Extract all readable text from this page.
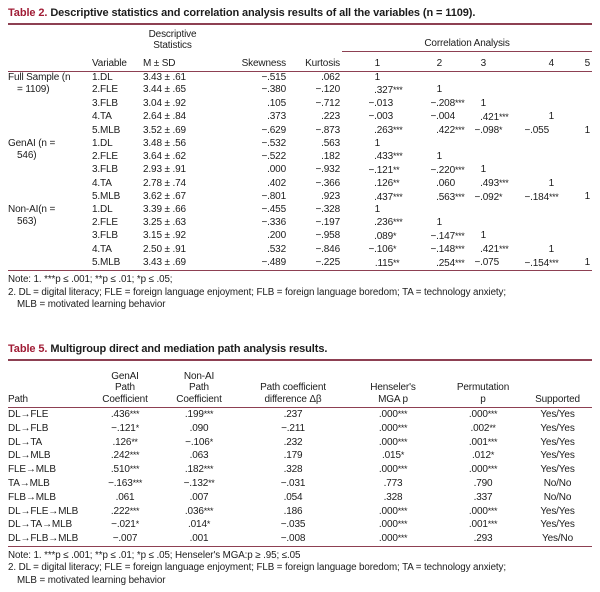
Table 2. Descriptive statistics and correlation analysis results of all the variables (n = 1109).

		Descriptive
Statistics			Correlation Analysis				
	Variable	M ± SD	Skewness	Kurtosis	1	2	3	4	5

Full Sample (n
= 1109)	1.DL	3.43 ± .61	−.515	.062	1				
	2.FLE	3.44 ± .65	−.380	−.120	.327***	1			
	3.FLB	3.04 ± .92	.105	−.712	−.013	−.208***	1		
	4.TA	2.64 ± .84	.373	.223	−.003	−.004	.421***	1	
	5.MLB	3.52 ± .69	−.629	−.873	.263***	.422***	−.098*	−.055	1

GenAI (n =
546)	1.DL	3.48 ± .56	−.532	.563	1				
	2.FLE	3.64 ± .62	−.522	.182	.433***	1			
	3.FLB	2.93 ± .91	.000	−.932	−.121**	−.220***	1		
	4.TA	2.78 ± .74	.402	−.366	.126**	.060	.493***	1	
	5.MLB	3.62 ± .67	−.801	.923	.437***	.563***	−.092*	−.184***	1

Non-AI(n =
563)	1.DL	3.39 ± .66	−.455	−.328	1				
	2.FLE	3.25 ± .63	−.336	−.197	.236***	1			
	3.FLB	3.15 ± .92	.200	−.958	.089*	−.147***	1		
	4.TA	2.50 ± .91	.532	−.846	−.106*	−.148***	.421***	1	
	5.MLB	3.43 ± .69	−.489	−.225	.115**	.254***	−.075	−.154***	1
Note: 1. ***p ≤ .001; **p ≤ .01; *p ≤ .05;
2. DL = digital literacy; FLE = foreign language enjoyment; FLB = foreign language boredom; TA = technology anxiety;
MLB = motivated learning behavior
Table 5. Multigroup direct and mediation path analysis results.
Path	
GenAI
Path
Coefficient

Non-AI
Path
Coefficient

Path coefficient
difference Δβ

Henseler's
MGA p

Permutation
p	Supported
DL→FLE	.436***	.199***	.237	.000***	.000***	Yes/Yes
DL→FLB	−.121*	.090	−.211	.000***	.002**	Yes/Yes
DL→TA	.126**	−.106*	.232	.000***	.001***	Yes/Yes
DL→MLB	.242***	.063	.179	.015*	.012*	Yes/Yes
FLE→MLB	.510***	.182***	.328	.000***	.000***	Yes/Yes
TA→MLB	−.163***	−.132**	−.031	.773	.790	No/No
FLB→MLB	.061	.007	.054	.328	.337	No/No
DL→FLE→MLB	.222***	.036***	.186	.000***	.000***	Yes/Yes
DL→TA→MLB	−.021*	.014*	−.035	.000***	.001***	Yes/Yes
DL→FLB→MLB	−.007	.001	−.008	.000***	.293	Yes/No
Note: 1. ***p ≤ .001; **p ≤ .01; *p ≤ .05; Henseler's MGA:p ≥ .95; ≤.05
2. DL = digital literacy; FLE = foreign language enjoyment; FLB = foreign language boredom; TA = technology anxiety;
MLB = motivated learning behavior
